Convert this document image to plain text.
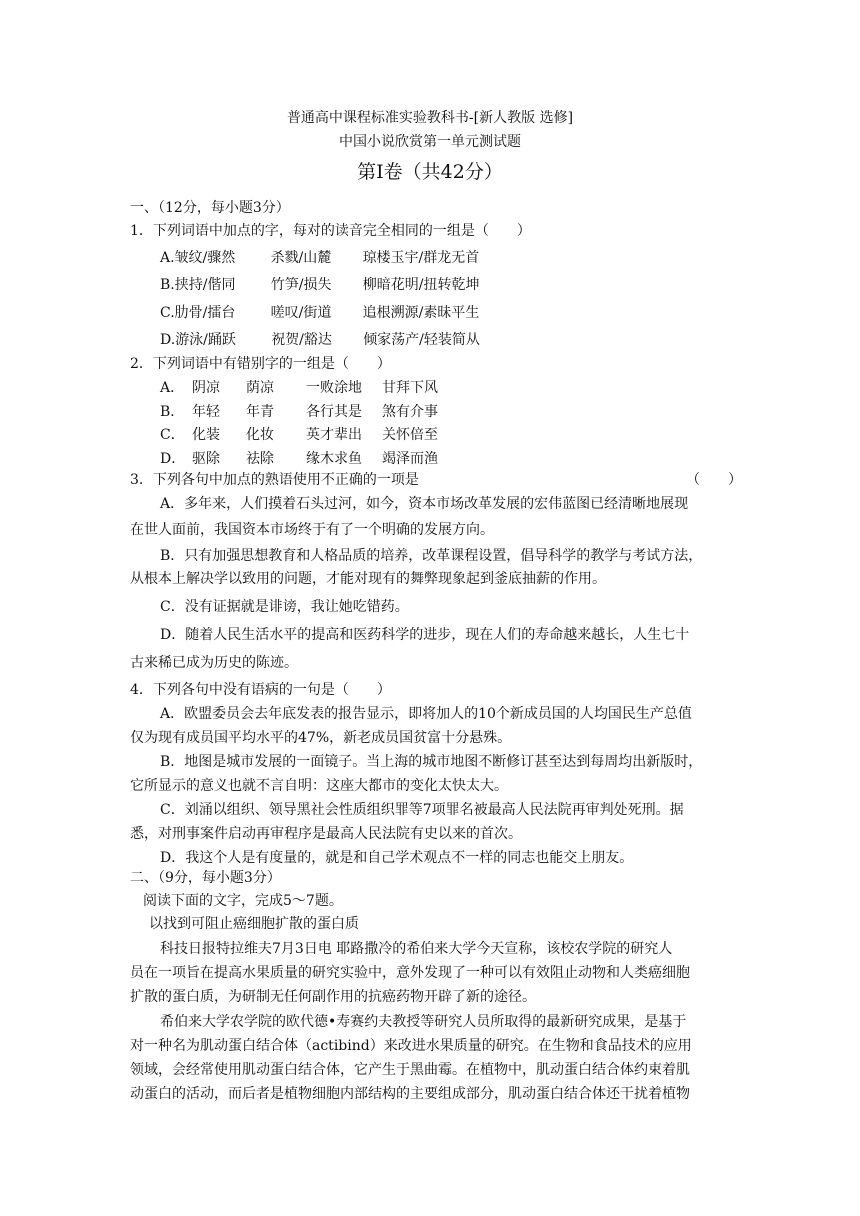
普通高中课程标准实验教科书-[新人教版 选修]
中国小说欣赏第一单元测试题
第Ⅰ卷（共42分）
一、（12分，每小题3分）
1．下列词语中加点的字，每对的读音完全相同的一组是（　　）
A.皱纹/骤然	杀戮/山麓 琼楼玉宇/群龙无首
B.挟持/偕同	竹笋/损失 柳暗花明/扭转乾坤
C.肋骨/擂台	嗟叹/街道 追根溯源/素昧平生
D.游泳/踊跃	祝贺/豁达 倾家荡产/轻装简从
2．下列词语中有错别字的一组是（　　）
A． 阴凉 荫凉 一败涂地 甘拜下风
B． 年轻 年青 各行其是 煞有介事
C． 化装 化妆 英才辈出 关怀倍至
D． 驱除 祛除 缘木求鱼 竭泽而渔
3．下列各句中加点的熟语使用不正确的一项是	（　　）
A．多年来，人们摸着石头过河，如今，资本市场改革发展的宏伟蓝图已经清晰地展现
在世人面前，我国资本市场终于有了一个明确的发展方向。
B．只有加强思想教育和人格品质的培养，改革课程设置，倡导科学的教学与考试方法，
从根本上解决学以致用的问题，才能对现有的舞弊现象起到釜底抽薪的作用。
C．没有证据就是诽谤，我让她吃错药。
D．随着人民生活水平的提高和医药科学的进步，现在人们的寿命越来越长，人生七十
古来稀已成为历史的陈迹。
4．下列各句中没有语病的一句是（　　）
A．欧盟委员会去年底发表的报告显示，即将加人的10个新成员国的人均国民生产总值
仅为现有成员国平均水平的47%，新老成员国贫富十分悬殊。
B．地图是城市发展的一面镜子。当上海的城市地图不断修订甚至达到每周均出新版时，
它所显示的意义也就不言自明：这座大都市的变化太快太大。
C．刘涌以组织、领导黑社会性质组织罪等7项罪名被最高人民法院再审判处死刑。据
悉，对刑事案件启动再审程序是最高人民法院有史以来的首次。
D．我这个人是有度量的，就是和自己学术观点不一样的同志也能交上朋友。
二、（9分，每小题3分）
阅读下面的文字，完成5～7题。
以找到可阻止癌细胞扩散的蛋白质
科技日报特拉维夫7月3日电 耶路撒冷的希伯来大学今天宣称，该校农学院的研究人
员在一项旨在提高水果质量的研究实验中，意外发现了一种可以有效阻止动物和人类癌细胞
扩散的蛋白质，为研制无任何副作用的抗癌药物开辟了新的途径。
希伯来大学农学院的欧代德•寿赛约夫教授等研究人员所取得的最新研究成果，是基于
对一种名为肌动蛋白结合体（actibind）来改进水果质量的研究。在生物和食品技术的应用
领域，会经常使用肌动蛋白结合体，它产生于黑曲霉。在植物中，肌动蛋白结合体约束着肌
动蛋白的活动，而后者是植物细胞内部结构的主要组成部分，肌动蛋白结合体还干扰着植物
